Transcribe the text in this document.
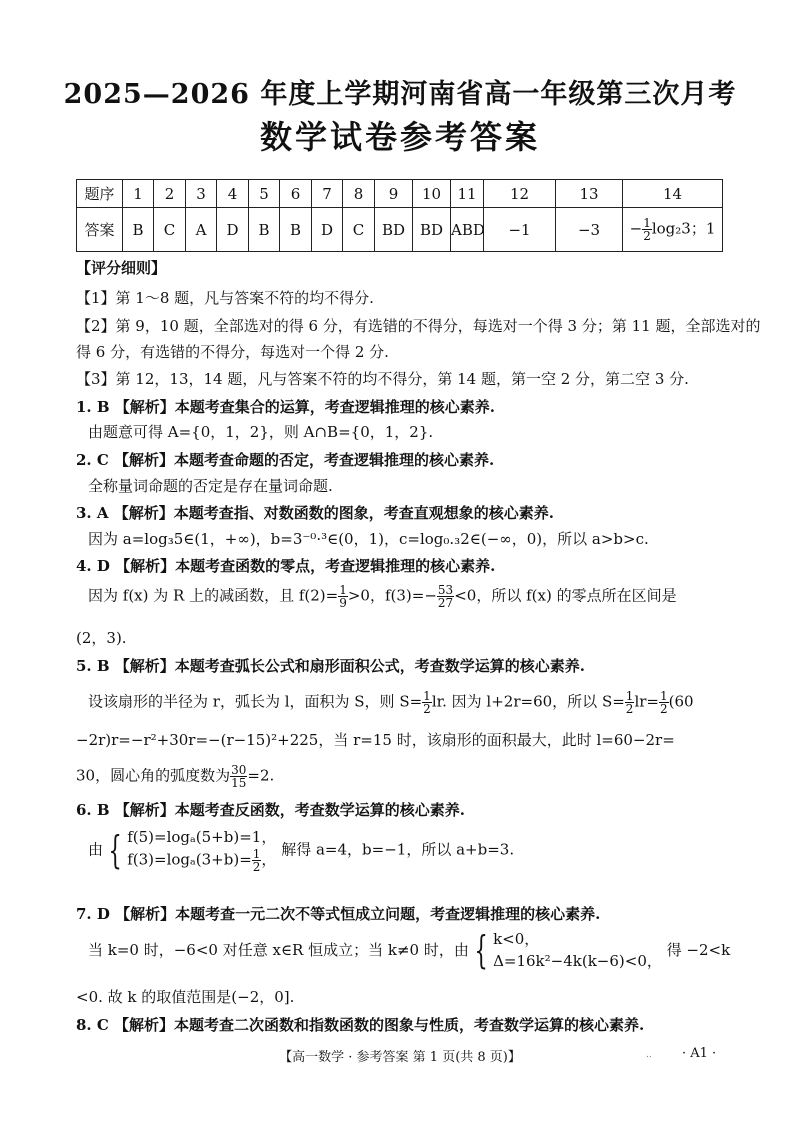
2025—2026 年度上学期河南省高一年级第三次月考
数学试卷参考答案
题序	1	2	3	4	5	6	7	8	9	10	11	12	13	14
答案	B	C	A	D	B	B	D	C	BD	BD	ABD	−1	−3	− $\frac{1}{2} \log_23$；1
【评分细则】
【1】第 1～8 题，凡与答案不符的均不得分.
【2】第 9，10 题，全部选对的得 6 分，有选错的不得分，每选对一个得 3 分；第 11 题，全部选对的
得 6 分，有选错的不得分，每选对一个得 2 分.
【3】第 12，13，14 题，凡与答案不符的均不得分，第 14 题，第一空 2 分，第二空 3 分.
1. B 【解析】本题考查集合的运算，考查逻辑推理的核心素养.
由题意可得 A={0，1，2}，则 A∩B={0，1，2}.
2. C 【解析】本题考查命题的否定，考查逻辑推理的核心素养.
全称量词命题的否定是存在量词命题.
3. A 【解析】本题考查指、对数函数的图象，考查直观想象的核心素养.
因为 a=log₃5∈(1，+∞)，b=3⁻⁰·³∈(0，1)，c=log₀.₃2∈(−∞，0)，所以 a>b>c.
4. D 【解析】本题考查函数的零点，考查逻辑推理的核心素养.
因为 f(x) 为 R 上的减函数，且 $f(2)= \frac{1}{9} >0$，$f(3)=- \frac{53}{27} <0$，所以 f(x) 的零点所在区间是
(2，3).
5. B 【解析】本题考查弧长公式和扇形面积公式，考查数学运算的核心素养.
设该扇形的半径为 r，弧长为 l，面积为 S，则 $S= \frac{1}{2}$ lr. 因为 l+2r=60，所以 $S= \frac{1}{2} lr= \frac{1}{2} (60$
−2r)r=−r²+30r=−(r−15)²+225，当 r=15 时，该扇形的面积最大，此时 l=60−2r=
30，圆心角的弧度数为 $\frac{30}{15} =2$.
6. B 【解析】本题考查反函数，考查数学运算的核心素养.
由 { f(5)=logₐ(5+b)=1，
$f(3)=\log_a(3+b)= \frac{1}{2}$ ，
解得 a=4，b=−1，所以 a+b=3.
7. D 【解析】本题考查一元二次不等式恒成立问题，考查逻辑推理的核心素养.
当 k=0 时，−6<0 对任意 x∈R 恒成立；当 k≠0 时，由 { k<0，
Δ=16k²−4k(k−6)<0，
得 −2<k
<0. 故 k 的取值范围是(−2，0].
8. C 【解析】本题考查二次函数和指数函数的图象与性质，考查数学运算的核心素养.
【高一数学 · 参考答案 第 1 页(共 8 页)】	.. · A1 ·
